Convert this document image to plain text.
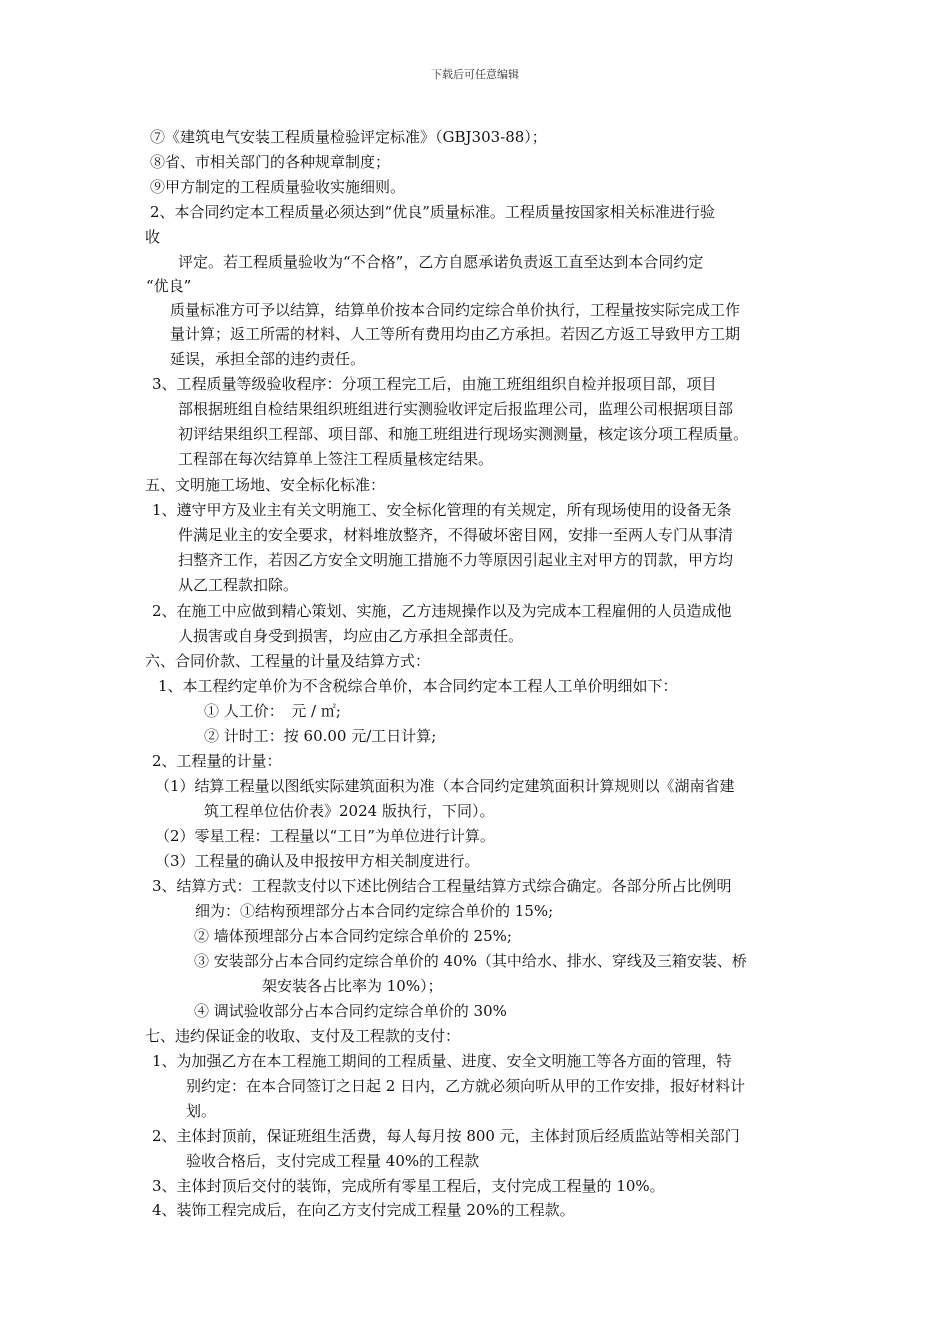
下载后可任意编辑
⑦《建筑电气安装工程质量检验评定标准》（GBJ303-88）；
⑧省、市相关部门的各种规章制度；
⑨甲方制定的工程质量验收实施细则。
2、本合同约定本工程质量必须达到“优良”质量标准。工程质量按国家相关标准进行验
收
评定。若工程质量验收为“不合格”，乙方自愿承诺负责返工直至达到本合同约定
“优良”
质量标准方可予以结算，结算单价按本合同约定综合单价执行，工程量按实际完成工作
量计算；返工所需的材料、人工等所有费用均由乙方承担。若因乙方返工导致甲方工期
延误，承担全部的违约责任。
3、工程质量等级验收程序：分项工程完工后，由施工班组组织自检并报项目部，项目
部根据班组自检结果组织班组进行实测验收评定后报监理公司，监理公司根据项目部
初评结果组织工程部、项目部、和施工班组进行现场实测测量，核定该分项工程质量。
工程部在每次结算单上签注工程质量核定结果。
五、文明施工场地、安全标化标准：
1、遵守甲方及业主有关文明施工、安全标化管理的有关规定，所有现场使用的设备无条
件满足业主的安全要求，材料堆放整齐，不得破坏密目网，安排一至两人专门从事清
扫整齐工作，若因乙方安全文明施工措施不力等原因引起业主对甲方的罚款，甲方均
从乙工程款扣除。
2、在施工中应做到精心策划、实施，乙方违规操作以及为完成本工程雇佣的人员造成他
人损害或自身受到损害，均应由乙方承担全部责任。
六、合同价款、工程量的计量及结算方式：
1、本工程约定单价为不含税综合单价，本合同约定本工程人工单价明细如下：
① 人工价：　元 / ㎡;
② 计时工：按 60.00 元/工日计算;
2、工程量的计量：
（1）结算工程量以图纸实际建筑面积为准（本合同约定建筑面积计算规则以《湖南省建
筑工程单位估价表》2024 版执行，下同）。
（2）零星工程：工程量以“工日”为单位进行计算。
（3）工程量的确认及申报按甲方相关制度进行。
3、结算方式：工程款支付以下述比例结合工程量结算方式综合确定。各部分所占比例明
细为：①结构预埋部分占本合同约定综合单价的 15%;
② 墙体预埋部分占本合同约定综合单价的 25%;
③ 安装部分占本合同约定综合单价的 40%（其中给水、排水、穿线及三箱安装、桥
架安装各占比率为 10%）；
④ 调试验收部分占本合同约定综合单价的 30%
七、违约保证金的收取、支付及工程款的支付：
1、为加强乙方在本工程施工期间的工程质量、进度、安全文明施工等各方面的管理，特
别约定：在本合同签订之日起 2 日内，乙方就必须向听从甲的工作安排，报好材料计
划。
2、主体封顶前，保证班组生活费，每人每月按 800 元，主体封顶后经质监站等相关部门
验收合格后，支付完成工程量 40%的工程款
3、主体封顶后交付的装饰，完成所有零星工程后，支付完成工程量的 10%。
4、装饰工程完成后，在向乙方支付完成工程量 20%的工程款。
